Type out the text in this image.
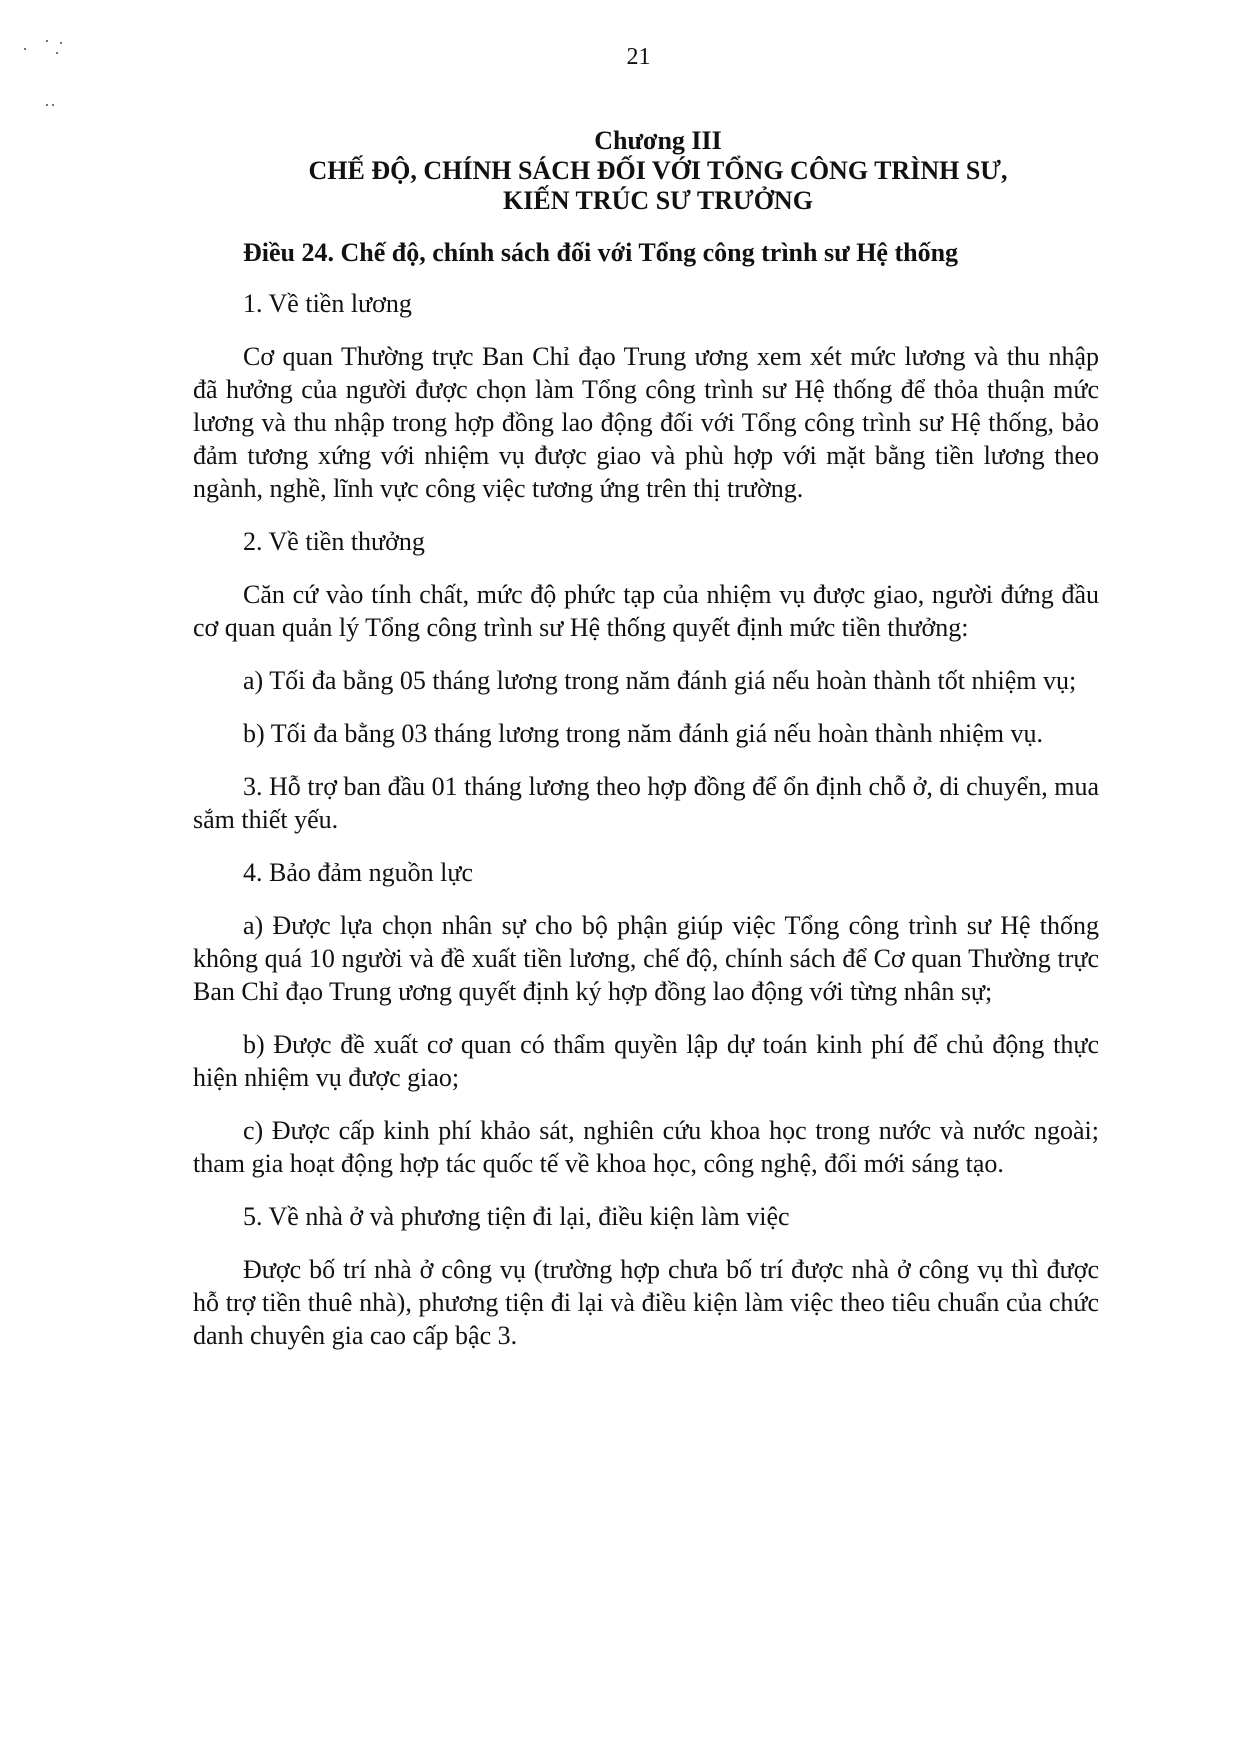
21
Chương III
CHẾ ĐỘ, CHÍNH SÁCH ĐỐI VỚI TỔNG CÔNG TRÌNH SƯ,
KIẾN TRÚC SƯ TRƯỞNG
Điều 24. Chế độ, chính sách đối với Tổng công trình sư Hệ thống
1. Về tiền lương

Cơ quan Thường trực Ban Chỉ đạo Trung ương xem xét mức lương và thu nhập đã hưởng của người được chọn làm Tổng công trình sư Hệ thống để thỏa thuận mức lương và thu nhập trong hợp đồng lao động đối với Tổng công trình sư Hệ thống, bảo đảm tương xứng với nhiệm vụ được giao và phù hợp với mặt bằng tiền lương theo ngành, nghề, lĩnh vực công việc tương ứng trên thị trường.

2. Về tiền thưởng

Căn cứ vào tính chất, mức độ phức tạp của nhiệm vụ được giao, người đứng đầu cơ quan quản lý Tổng công trình sư Hệ thống quyết định mức tiền thưởng:

a) Tối đa bằng 05 tháng lương trong năm đánh giá nếu hoàn thành tốt nhiệm vụ;

b) Tối đa bằng 03 tháng lương trong năm đánh giá nếu hoàn thành nhiệm vụ.

3. Hỗ trợ ban đầu 01 tháng lương theo hợp đồng để ổn định chỗ ở, di chuyển, mua sắm thiết yếu.

4. Bảo đảm nguồn lực

a) Được lựa chọn nhân sự cho bộ phận giúp việc Tổng công trình sư Hệ thống không quá 10 người và đề xuất tiền lương, chế độ, chính sách để Cơ quan Thường trực Ban Chỉ đạo Trung ương quyết định ký hợp đồng lao động với từng nhân sự;

b) Được đề xuất cơ quan có thẩm quyền lập dự toán kinh phí để chủ động thực hiện nhiệm vụ được giao;

c) Được cấp kinh phí khảo sát, nghiên cứu khoa học trong nước và nước ngoài; tham gia hoạt động hợp tác quốc tế về khoa học, công nghệ, đổi mới sáng tạo.

5. Về nhà ở và phương tiện đi lại, điều kiện làm việc

Được bố trí nhà ở công vụ (trường hợp chưa bố trí được nhà ở công vụ thì được hỗ trợ tiền thuê nhà), phương tiện đi lại và điều kiện làm việc theo tiêu chuẩn của chức danh chuyên gia cao cấp bậc 3.
